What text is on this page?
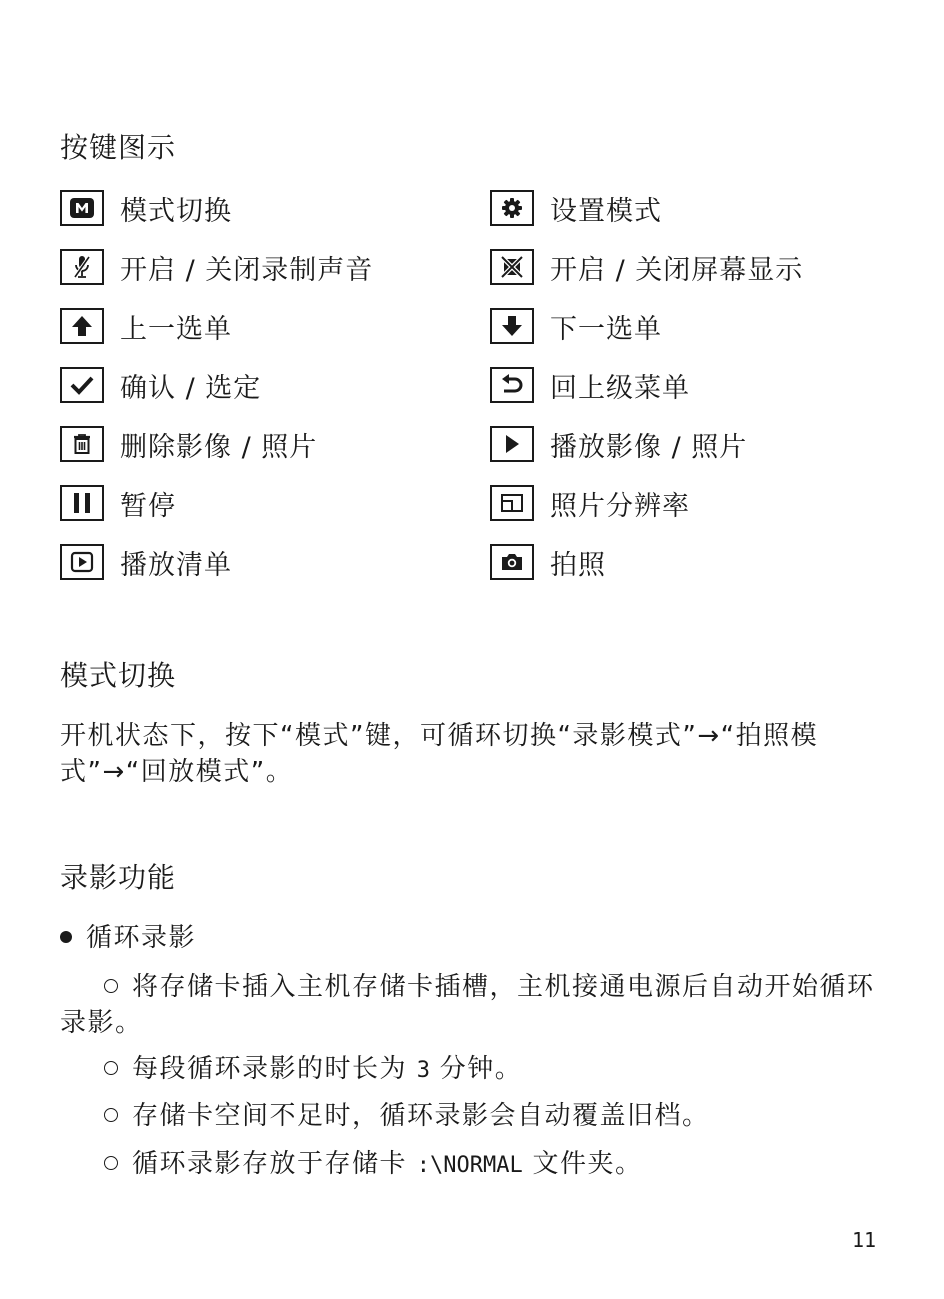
按键图示
模式切换	设置模式
开启 / 关闭录制声音	开启 / 关闭屏幕显示
上一选单	下一选单
确认 / 选定	回上级菜单
删除影像 / 照片	播放影像 / 照片
暂停	照片分辨率
播放清单	拍照
模式切换
开机状态下，按下“模式”键，可循环切换“录影模式”→“拍照模式”→“回放模式”。
录影功能
循环录影
将存储卡插入主机存储卡插槽，主机接通电源后自动开始循环录影。
每段循环录影的时长为 3 分钟。
存储卡空间不足时，循环录影会自动覆盖旧档。
循环录影存放于存储卡 :\NORMAL 文件夹。
11
